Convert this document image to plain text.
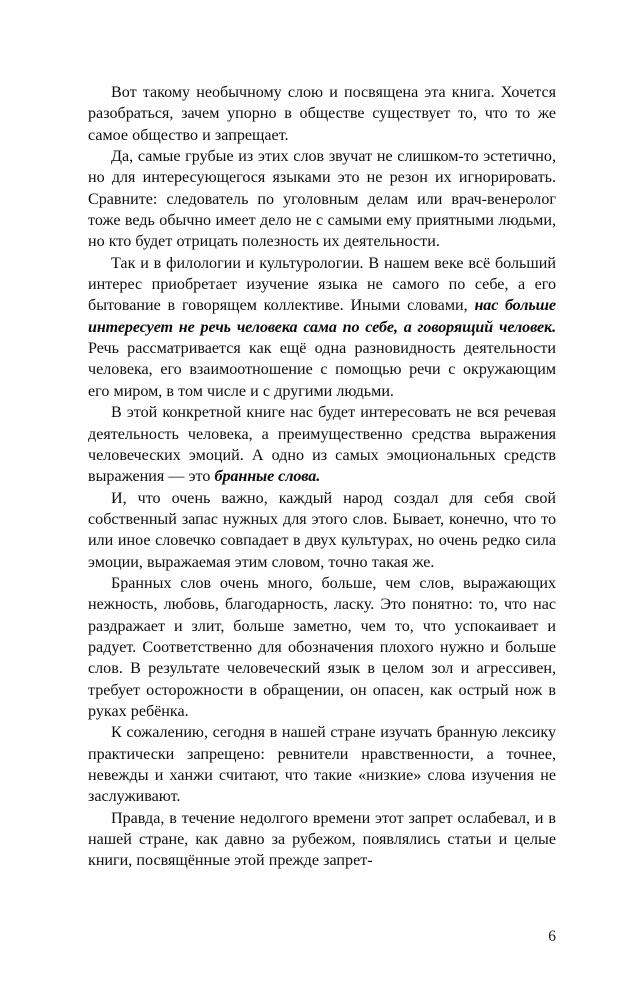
Вот такому необычному слою и посвящена эта книга. Хочется разобраться, зачем упорно в обществе существует то, что то же самое общество и запрещает.

Да, самые грубые из этих слов звучат не слишком-то эстетично, но для интересующегося языками это не резон их игнорировать. Сравните: следователь по уголовным делам или врач-венеролог тоже ведь обычно имеет дело не с самыми ему приятными людьми, но кто будет отрицать полезность их деятельности.

Так и в филологии и культурологии. В нашем веке всё больший интерес приобретает изучение языка не самого по себе, а его бытование в говорящем коллективе. Иными словами, нас больше интересует не речь человека сама по себе, а говорящий человек. Речь рассматривается как ещё одна разновидность деятельности человека, его взаимоотношение с помощью речи с окружающим его миром, в том числе и с другими людьми.

В этой конкретной книге нас будет интересовать не вся речевая деятельность человека, а преимущественно средства выражения человеческих эмоций. А одно из самых эмоциональных средств выражения — это бранные слова.

И, что очень важно, каждый народ создал для себя свой собственный запас нужных для этого слов. Бывает, конечно, что то или иное словечко совпадает в двух культурах, но очень редко сила эмоции, выражаемая этим словом, точно такая же.

Бранных слов очень много, больше, чем слов, выражающих нежность, любовь, благодарность, ласку. Это понятно: то, что нас раздражает и злит, больше заметно, чем то, что успокаивает и радует. Соответственно для обозначения плохого нужно и больше слов. В результате человеческий язык в целом зол и агрессивен, требует осторожности в обращении, он опасен, как острый нож в руках ребёнка.

К сожалению, сегодня в нашей стране изучать бранную лексику практически запрещено: ревнители нравственности, а точнее, невежды и ханжи считают, что такие «низкие» слова изучения не заслуживают.

Правда, в течение недолгого времени этот запрет ослабевал, и в нашей стране, как давно за рубежом, появлялись статьи и целые книги, посвящённые этой прежде запрет-

6
